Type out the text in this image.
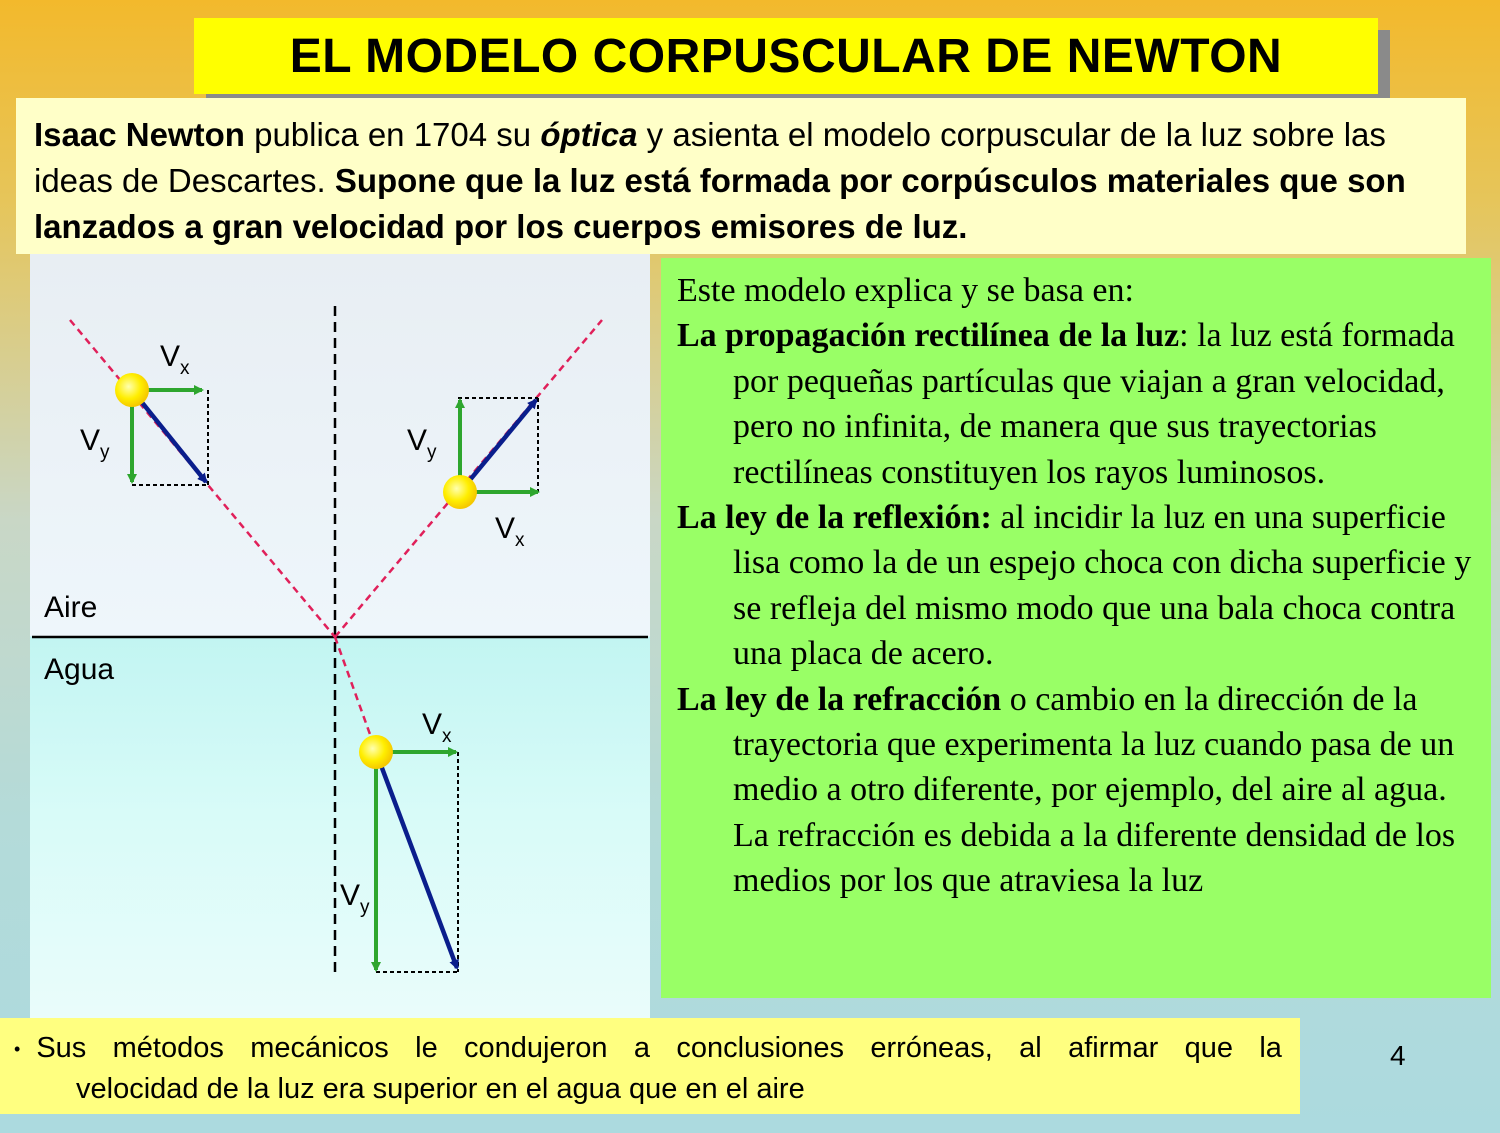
EL MODELO CORPUSCULAR DE NEWTON
Isaac Newton publica en 1704 su óptica y asienta el modelo corpuscular de la luz sobre las ideas de Descartes. Supone que la luz está formada por corpúsculos materiales que son lanzados a gran velocidad por los cuerpos emisores de luz.
$V_x$
$V_y$	$V_y$
$V_x$
$V_x$
$V_y$
Aire
Agua

Este modelo explica y se basa en:

La propagación rectilínea de la luz: la luz está formada por pequeñas partículas que viajan a gran velocidad, pero no infinita, de manera que sus trayectorias rectilíneas constituyen los rayos luminosos.

La ley de la reflexión: al incidir la luz en una superficie lisa como la de un espejo choca con dicha superficie y se refleja del mismo modo que una bala choca contra una placa de acero.

La ley de la refracción o cambio en la dirección de la trayectoria que experimenta la luz cuando pasa de un medio a otro diferente, por ejemplo, del aire al agua. La refracción es debida a la diferente densidad de los medios por los que atraviesa la luz

• Sus métodos mecánicos le condujeron a conclusiones erróneas, al afirmar que la
velocidad de la luz era superior en el agua que en el aire
4
